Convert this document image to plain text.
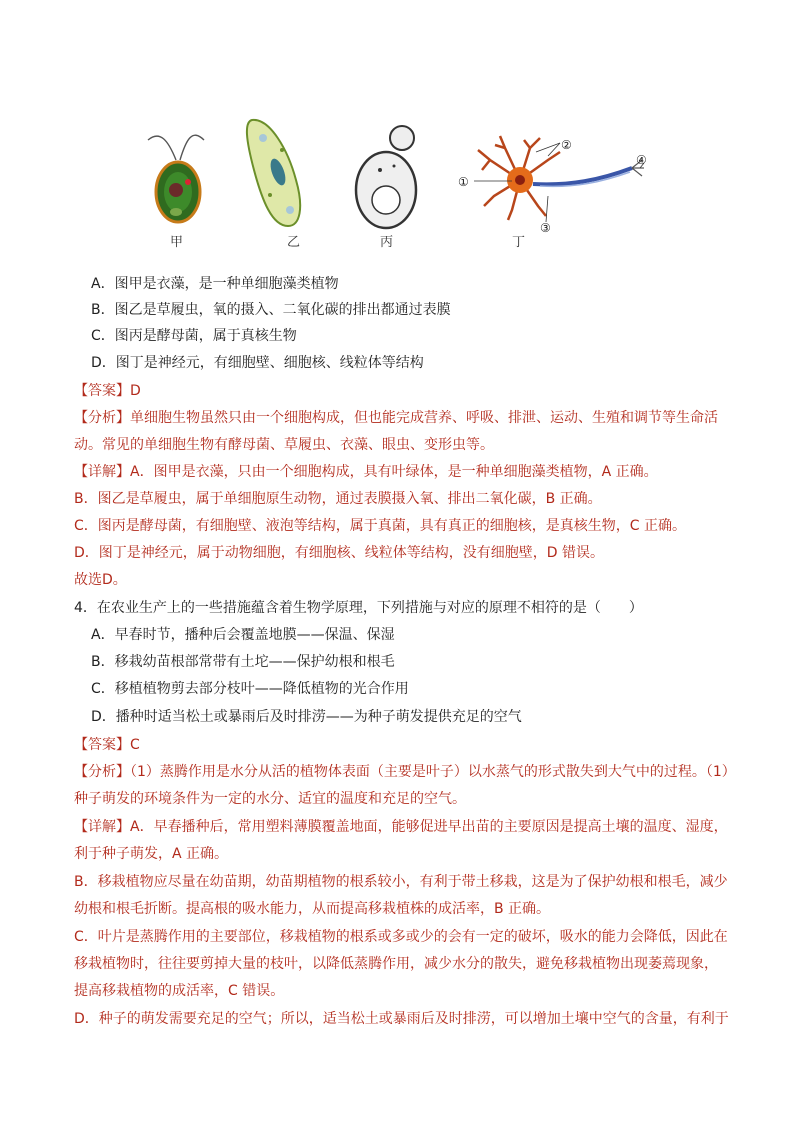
①
②
③
④
甲	乙	丙	丁
A．图甲是衣藻，是一种单细胞藻类植物
B．图乙是草履虫，氧的摄入、二氧化碳的排出都通过表膜
C．图丙是酵母菌，属于真核生物
D．图丁是神经元，有细胞壁、细胞核、线粒体等结构
【答案】D
【分析】单细胞生物虽然只由一个细胞构成，但也能完成营养、呼吸、排泄、运动、生殖和调节等生命活
动。常见的单细胞生物有酵母菌、草履虫、衣藻、眼虫、变形虫等。
【详解】A．图甲是衣藻，只由一个细胞构成，具有叶绿体，是一种单细胞藻类植物，A 正确。
B．图乙是草履虫，属于单细胞原生动物，通过表膜摄入氧、排出二氧化碳，B 正确。
C．图丙是酵母菌，有细胞壁、液泡等结构，属于真菌，具有真正的细胞核，是真核生物，C 正确。
D．图丁是神经元，属于动物细胞，有细胞核、线粒体等结构，没有细胞壁，D 错误。
故选D。
4．在农业生产上的一些措施蕴含着生物学原理，下列措施与对应的原理不相符的是（　　）
A．早春时节，播种后会覆盖地膜——保温、保湿
B．移栽幼苗根部常带有土坨——保护幼根和根毛
C．移植植物剪去部分枝叶——降低植物的光合作用
D．播种时适当松土或暴雨后及时排涝——为种子萌发提供充足的空气
【答案】C
【分析】（1）蒸腾作用是水分从活的植物体表面（主要是叶子）以水蒸气的形式散失到大气中的过程。（1）
种子萌发的环境条件为一定的水分、适宜的温度和充足的空气。
【详解】A．早春播种后，常用塑料薄膜覆盖地面，能够促进早出苗的主要原因是提高土壤的温度、湿度，
利于种子萌发，A 正确。
B．移栽植物应尽量在幼苗期，幼苗期植物的根系较小，有利于带土移栽，这是为了保护幼根和根毛，减少
幼根和根毛折断。提高根的吸水能力，从而提高移栽植株的成活率，B 正确。
C．叶片是蒸腾作用的主要部位，移栽植物的根系或多或少的会有一定的破坏，吸水的能力会降低，因此在
移栽植物时，往往要剪掉大量的枝叶，以降低蒸腾作用，减少水分的散失，避免移栽植物出现萎蔫现象，
提高移栽植物的成活率，C 错误。
D．种子的萌发需要充足的空气；所以，适当松土或暴雨后及时排涝，可以增加土壤中空气的含量，有利于
